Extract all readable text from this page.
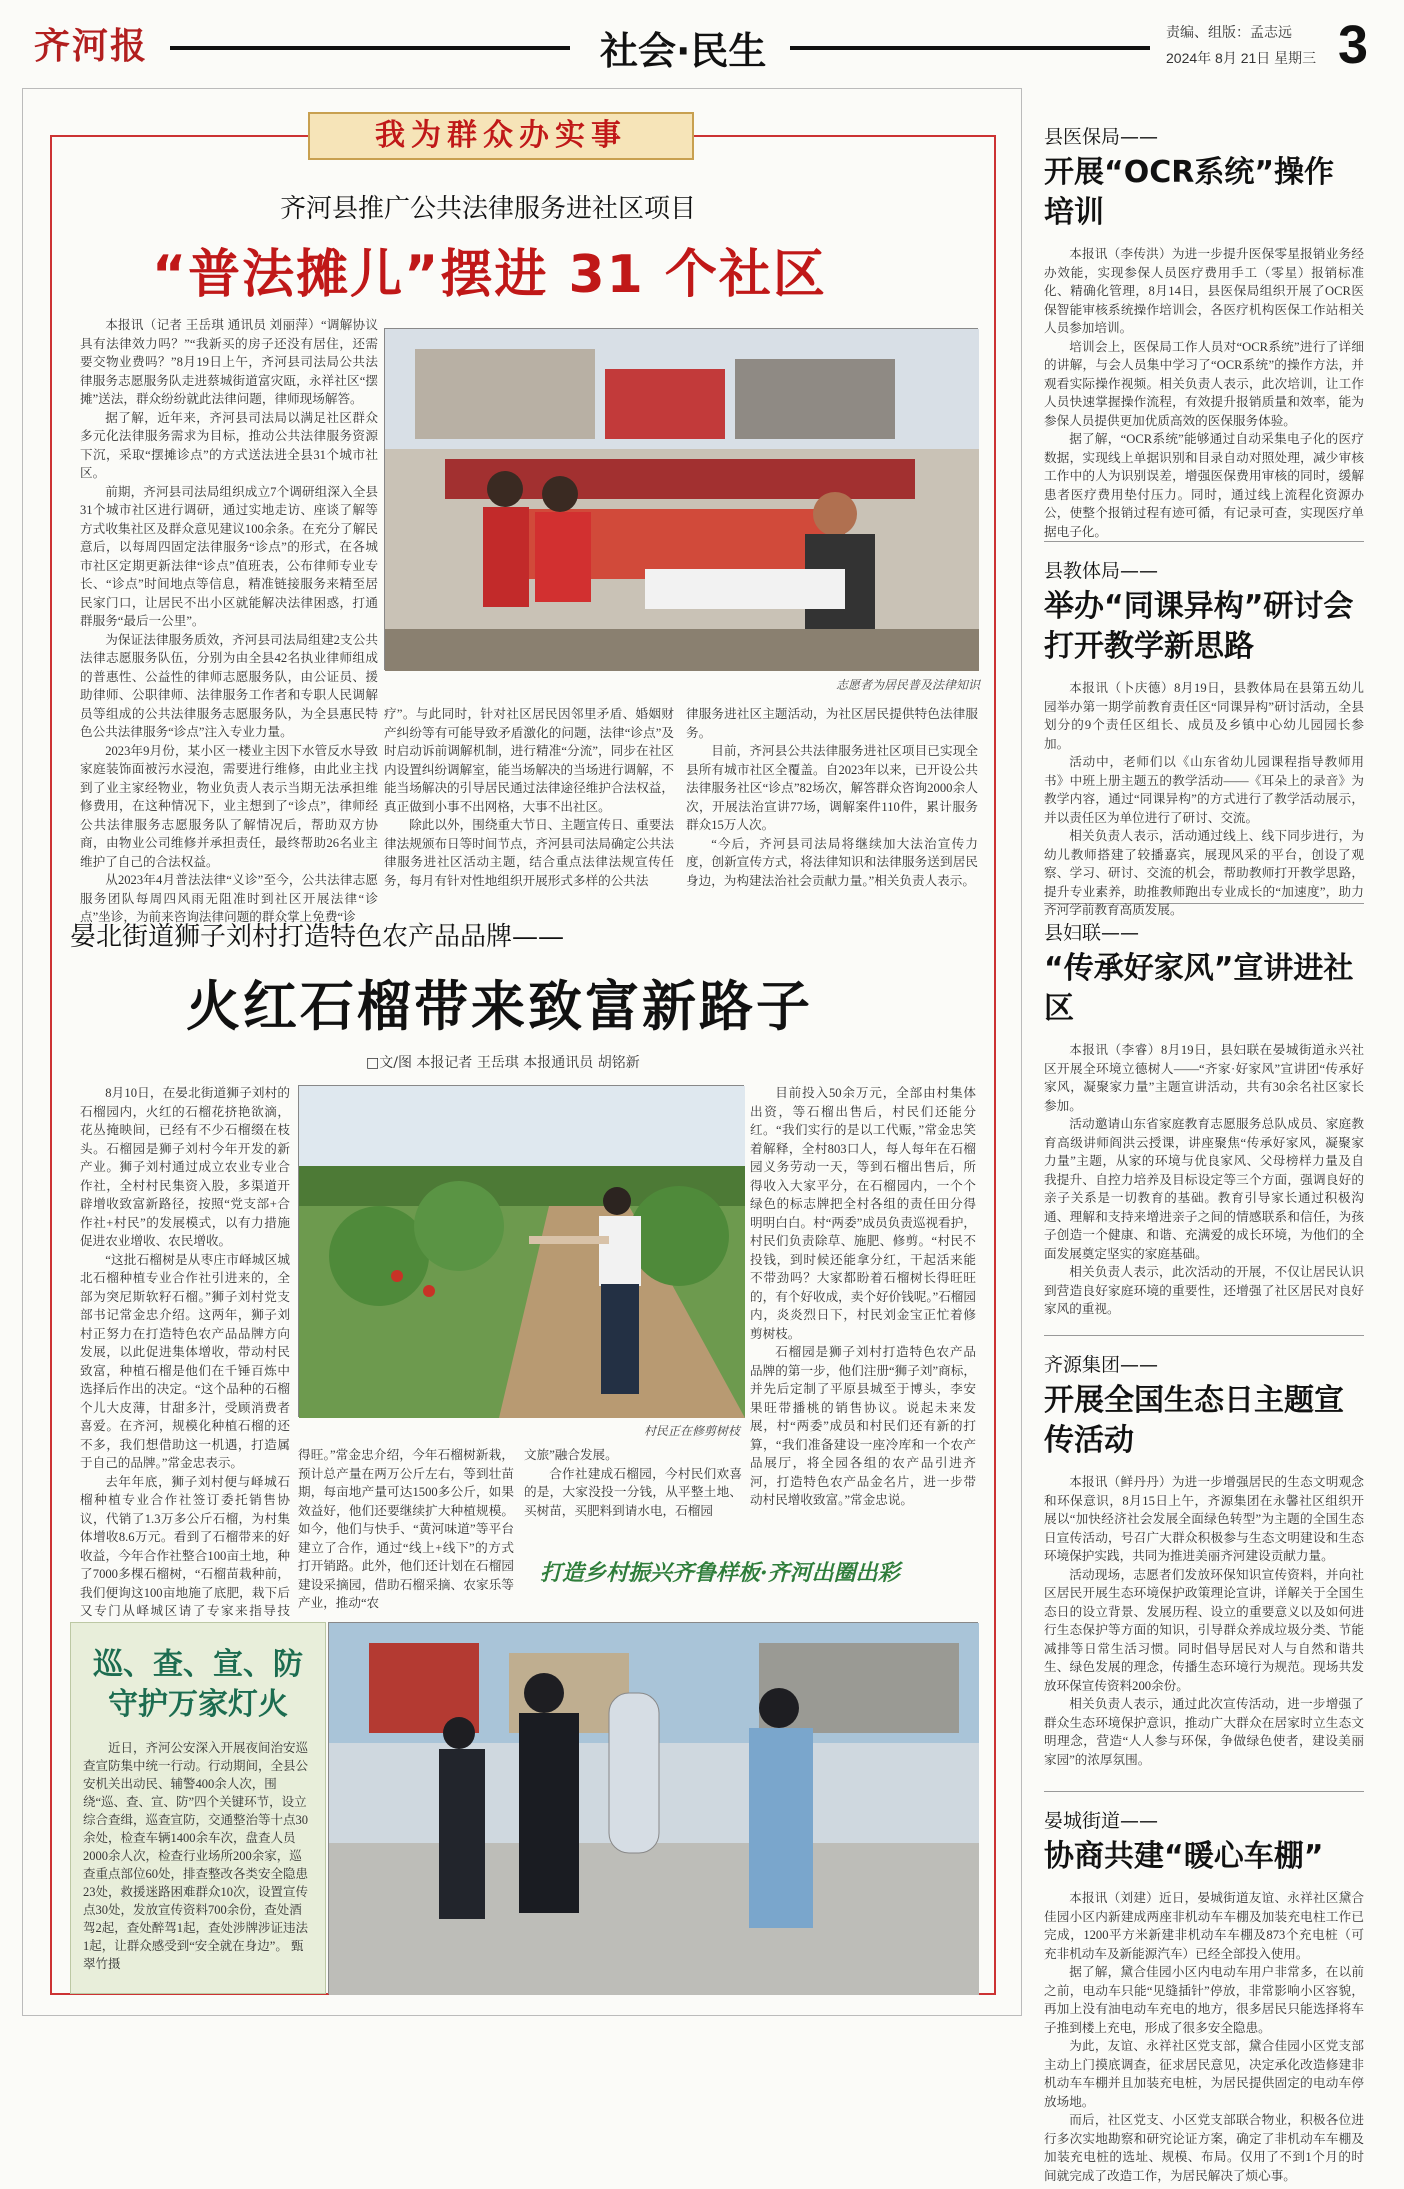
齐河报	社会·民生	责编、组版：孟志远
2024年 8月 21日 星期三 3
我为群众办实事
齐河县推广公共法律服务进社区项目
“普法摊儿”摆进 31 个社区

本报讯（记者 王岳琪 通讯员 刘丽萍）“调解协议具有法律效力吗？”“我新买的房子还没有居住，还需要交物业费吗？”8月19日上午，齐河县司法局公共法律服务志愿服务队走进蔡城街道富灾瓯，永祥社区“摆摊”送法，群众纷纷就此法律问题，律师现场解答。

据了解，近年来，齐河县司法局以满足社区群众多元化法律服务需求为目标，推动公共法律服务资源下沉，采取“摆摊诊点”的方式送法进全县31个城市社区。

前期，齐河县司法局组织成立7个调研组深入全县31个城市社区进行调研，通过实地走访、座谈了解等方式收集社区及群众意见建议100余条。在充分了解民意后，以每周四固定法律服务“诊点”的形式，在各城市社区定期更新法律“诊点”值班表，公布律师专业专长、“诊点”时间地点等信息，精准链接服务来精至居民家门口，让居民不出小区就能解决法律困惑，打通群服务“最后一公里”。

为保证法律服务质效，齐河县司法局组建2支公共法律志愿服务队伍，分别为由全县42名执业律师组成的普惠性、公益性的律师志愿服务队，由公证员、援助律师、公职律师、法律服务工作者和专职人民调解员等组成的公共法律服务志愿服务队，为全县惠民特色公共法律服务“诊点”注入专业力量。

2023年9月份，某小区一楼业主因下水管反水导致家庭装饰面被污水浸泡，需要进行维修，由此业主找到了业主家经物业，物业负责人表示当期无法承担维修费用，在这种情况下，业主想到了“诊点”，律师经公共法律服务志愿服务队了解情况后，帮助双方协商，由物业公司维修并承担责任，最终帮助26名业主维护了自己的合法权益。

从2023年4月普法法律“义诊”至今，公共法律志愿服务团队每周四风雨无阻准时到社区开展法律“诊点”坐诊，为前来咨询法律问题的群众掌上免费“诊

志愿者为居民普及法律知识

疗”。与此同时，针对社区居民因邻里矛盾、婚姻财产纠纷等有可能导致矛盾激化的问题，法律“诊点”及时启动诉前调解机制，进行精准“分流”，同步在社区内设置纠纷调解室，能当场解决的当场进行调解，不能当场解决的引导居民通过法律途径维护合法权益，真正做到小事不出网格，大事不出社区。

除此以外，围绕重大节日、主题宣传日、重要法律法规颁布日等时间节点，齐河县司法局确定公共法律服务进社区活动主题，结合重点法律法规宣传任务，每月有针对性地组织开展形式多样的公共法

律服务进社区主题活动，为社区居民提供特色法律服务。

目前，齐河县公共法律服务进社区项目已实现全县所有城市社区全覆盖。自2023年以来，已开设公共法律服务社区“诊点”82场次，解答群众咨询2000余人次，开展法治宣讲77场，调解案件110件，累计服务群众15万人次。

“今后，齐河县司法局将继续加大法治宣传力度，创新宣传方式，将法律知识和法律服务送到居民身边，为构建法治社会贡献力量。”相关负责人表示。

晏北街道狮子刘村打造特色农产品品牌——
火红石榴带来致富新路子
□文/图 本报记者 王岳琪 本报通讯员 胡铭新

8月10日，在晏北街道狮子刘村的石榴园内，火红的石榴花挤艳欲滴，花丛掩映间，已经有不少石榴缀在枝头。石榴园是狮子刘村今年开发的新产业。狮子刘村通过成立农业专业合作社，全村村民集资入股，多渠道开辟增收致富新路径，按照“党支部+合作社+村民”的发展模式，以有力措施促进农业增收、农民增收。

“这批石榴树是从枣庄市峄城区城北石榴种植专业合作社引进来的，全部为突尼斯软籽石榴。”狮子刘村党支部书记常金忠介绍。这两年，狮子刘村正努力在打造特色农产品品牌方向发展，以此促进集体增收，带动村民致富，种植石榴是他们在千锤百炼中选择后作出的决定。“这个品种的石榴个儿大皮薄，甘甜多汁，受顾消费者喜爱。在齐河，规模化种植石榴的还不多，我们想借助这一机遇，打造属于自己的品牌。”常金忠表示。

去年年底，狮子刘村便与峄城石榴种植专业合作社签订委托销售协议，代销了1.3万多公斤石榴，为村集体增收8.6万元。看到了石榴带来的好收益，今年合作社整合100亩土地，种了7000多棵石榴树，“石榴苗栽种前，我们便询这100亩地施了底肥，栽下后又专门从峄城区请了专家来指导技

村民正在修剪树枝

得旺。”常金忠介绍，今年石榴树新栽，预计总产量在两万公斤左右，等到壮苗期，每亩地产量可达1500多公斤，如果效益好，他们还要继续扩大种植规模。如今，他们与快手、“黄河味道”等平台建立了合作，通过“线上+线下”的方式打开销路。此外，他们还计划在石榴园建设采摘园，借助石榴采摘、农家乐等产业，推动“农

文旅”融合发展。

合作社建成石榴园，今村民们欢喜的是，大家没投一分钱，从平整土地、买树苗，买肥料到请水电，石榴园

目前投入50余万元，全部由村集体出资，等石榴出售后，村民们还能分红。“我们实行的是以工代赈，”常金忠笑着解释，全村803口人，每人每年在石榴园义务劳动一天，等到石榴出售后，所得收入大家平分，在石榴园内，一个个绿色的标志牌把全村各组的责任田分得明明白白。村“两委”成员负责巡视看护，村民们负责除草、施肥、修剪。“村民不投钱，到时候还能拿分红，干起活来能不带劲吗？大家都盼着石榴树长得旺旺的，有个好收成，卖个好价钱呢。”石榴园内，炎炎烈日下，村民刘金宝正忙着修剪树枝。

石榴园是狮子刘村打造特色农产品品牌的第一步，他们注册“狮子刘”商标，并先后定制了平原县城至于博头，李安果旺带播桃的销售协议。说起未来发展，村“两委”成员和村民们还有新的打算，“我们准备建设一座冷库和一个农产品展厅，将全园各组的农产品引进齐河，打造特色农产品金名片，进一步带动村民增收致富。”常金忠说。

打造乡村振兴齐鲁样板·齐河出圈出彩
巡、查、宣、防
守护万家灯火
近日，齐河公安深入开展夜间治安巡查宣防集中统一行动。行动期间，全县公安机关出动民、辅警400余人次，围绕“巡、查、宣、防”四个关键环节，设立综合查缉，巡查宣防，交通整治等十点30余处，检查车辆1400余车次，盘查人员2000余人次，检查行业场所200余家，巡查重点部位60处，排查整改各类安全隐患23处，救援迷路困难群众10次，设置宣传点30处，发放宣传资料700余份，查处酒驾2起，查处醉驾1起，查处涉牌涉证违法1起，让群众感受到“安全就在身边”。 甄翠竹摄
县医保局——
开展“OCR系统”操作培训

本报讯（李传洪）为进一步提升医保零星报销业务经办效能，实现参保人员医疗费用手工（零星）报销标准化、精确化管理，8月14日，县医保局组织开展了OCR医保智能审核系统操作培训会，各医疗机构医保工作站相关人员参加培训。

培训会上，医保局工作人员对“OCR系统”进行了详细的讲解，与会人员集中学习了“OCR系统”的操作方法，并观看实际操作视频。相关负责人表示，此次培训，让工作人员快速掌握操作流程，有效提升报销质量和效率，能为参保人员提供更加优质高效的医保服务体验。

据了解，“OCR系统”能够通过自动采集电子化的医疗数据，实现线上单据识别和目录自动对照处理，减少审核工作中的人为识别误差，增强医保费用审核的同时，缓解患者医疗费用垫付压力。同时，通过线上流程化资源办公，使整个报销过程有迹可循，有记录可查，实现医疗单据电子化。

县教体局——
举办“同课异构”研讨会打开教学新思路

本报讯（卜庆德）8月19日，县教体局在县第五幼儿园举办第一期学前教育责任区“同课异构”研讨活动，全县划分的9个责任区组长、成员及乡镇中心幼儿园园长参加。

活动中，老师们以《山东省幼儿园课程指导教师用书》中班上册主题五的教学活动——《耳朵上的录音》为教学内容，通过“同课异构”的方式进行了教学活动展示，并以责任区为单位进行了研讨、交流。

相关负责人表示，活动通过线上、线下同步进行，为幼儿教师搭建了较播嘉宾，展现风采的平台，创设了观察、学习、研讨、交流的机会，帮助教师打开教学思路，提升专业素养，助推教师跑出专业成长的“加速度”，助力齐河学前教育高质发展。

县妇联——
“传承好家风”宣讲进社区

本报讯（李睿）8月19日，县妇联在晏城街道永兴社区开展全环境立德树人——“齐家·好家风”宣讲团“传承好家风，凝聚家力量”主题宣讲活动，共有30余名社区家长参加。

活动邀请山东省家庭教育志愿服务总队成员、家庭教育高级讲师阎洪云授课，讲座聚焦“传承好家风，凝聚家力量”主题，从家的环境与优良家风、父母榜样力量及自我提升、自控力培养及目标设定等三个方面，强调良好的亲子关系是一切教育的基础。教育引导家长通过积极沟通、理解和支持来增进亲子之间的情感联系和信任，为孩子创造一个健康、和谐、充满爱的成长环境，为他们的全面发展奠定坚实的家庭基础。

相关负责人表示，此次活动的开展，不仅让居民认识到营造良好家庭环境的重要性，还增强了社区居民对良好家风的重视。

齐源集团——
开展全国生态日主题宣传活动

本报讯（鲜丹丹）为进一步增强居民的生态文明观念和环保意识，8月15日上午，齐源集团在永馨社区组织开展以“加快经济社会发展全面绿色转型”为主题的全国生态日宣传活动，号召广大群众积极参与生态文明建设和生态环境保护实践，共同为推进美丽齐河建设贡献力量。

活动现场，志愿者们发放环保知识宣传资料，并向社区居民开展生态环境保护政策理论宣讲，详解关于全国生态日的设立背景、发展历程、设立的重要意义以及如何进行生态保护等方面的知识，引导群众养成垃圾分类、节能减排等日常生活习惯。同时倡导居民对人与自然和谐共生、绿色发展的理念，传播生态环境行为规范。现场共发放环保宣传资料200余份。

相关负责人表示，通过此次宣传活动，进一步增强了群众生态环境保护意识，推动广大群众在居家时立生态文明理念，营造“人人参与环保，争做绿色使者，建设美丽家园”的浓厚氛围。

晏城街道——
协商共建“暖心车棚”

本报讯（刘建）近日，晏城街道友谊、永祥社区黛合佳园小区内新建成两座非机动车车棚及加装充电柱工作已完成，1200平方米新建非机动车车棚及873个充电桩（可充非机动车及新能源汽车）已经全部投入使用。

据了解，黛合佳园小区内电动车用户非常多，在以前之前，电动车只能“见缝插针”停放，非常影响小区容貌，再加上没有油电动车充电的地方，很多居民只能选择将车子推到楼上充电，形成了很多安全隐患。

为此，友谊、永祥社区党支部，黛合佳园小区党支部主动上门摸底调查，征求居民意见，决定承化改造修建非机动车车棚并且加装充电桩，为居民提供固定的电动车停放场地。

而后，社区党支、小区党支部联合物业，积极各位进行多次实地勘察和研究论证方案，确定了非机动车车棚及加装充电桩的选址、规模、布局。仅用了不到1个月的时间就完成了改造工作，为居民解决了烦心事。
